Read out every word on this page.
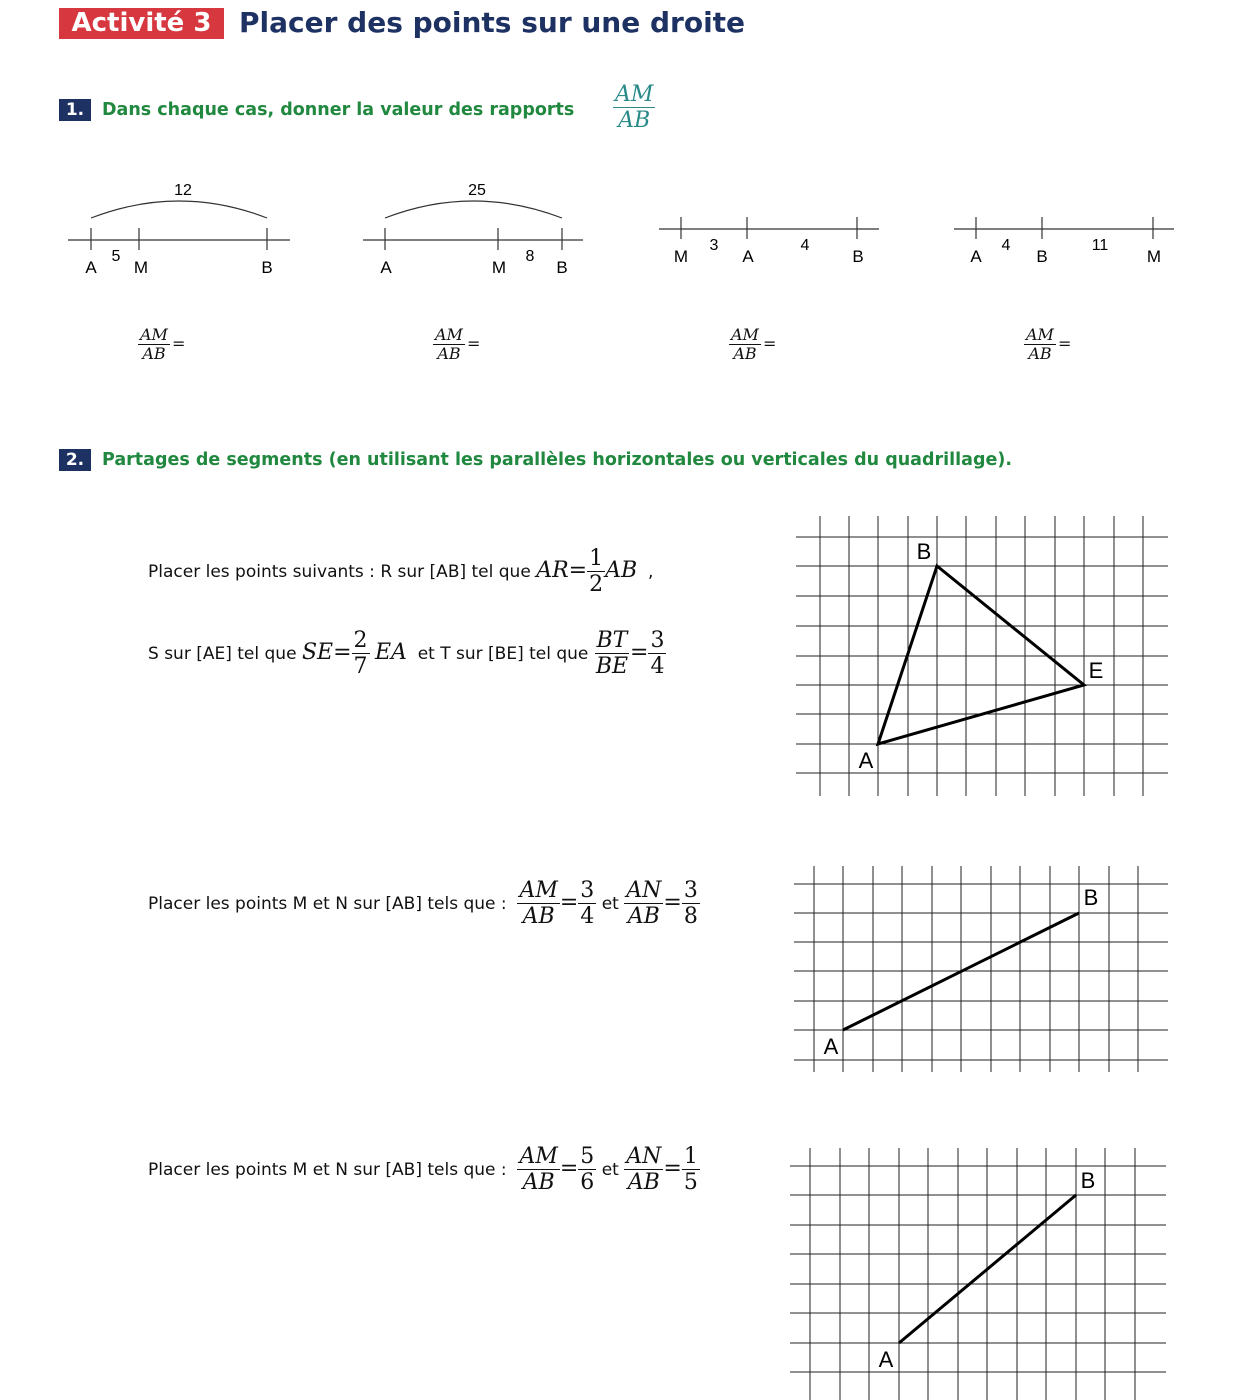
Activité 3 Placer des points sur une droite
1.	Dans chaque cas, donner la valeur des rapports $\frac{AM}{AB}$
12
5
A M	B
25
8
A	M	B
3	4
M	A	B
4	11
A	B	M
$\frac{AM}{AB}$ =	$\frac{AM}{AB}$ =	$\frac{AM}{AB}$ =	$\frac{AM}{AB}$ =
2.	Partages de segments (en utilisant les parallèles horizontales ou verticales du quadrillage).
Placer les points suivants : R sur [AB] tel que $AR= \frac{1}{2}$ AB ,
S sur [AE] tel que $SE= \frac{2}{7}$ EA et T sur [BE] tel que $\frac{BT}{BE} = \frac{3}{4}$
A
B
E
Placer les points M et N sur [AB] tels que : $\frac{AM}{AB} = \frac{3}{4}$ et $\frac{AN}{AB} = \frac{3}{8}$
A
B
Placer les points M et N sur [AB] tels que : $\frac{AM}{AB} = \frac{5}{6}$ et $\frac{AN}{AB} = \frac{1}{5}$
A
B
